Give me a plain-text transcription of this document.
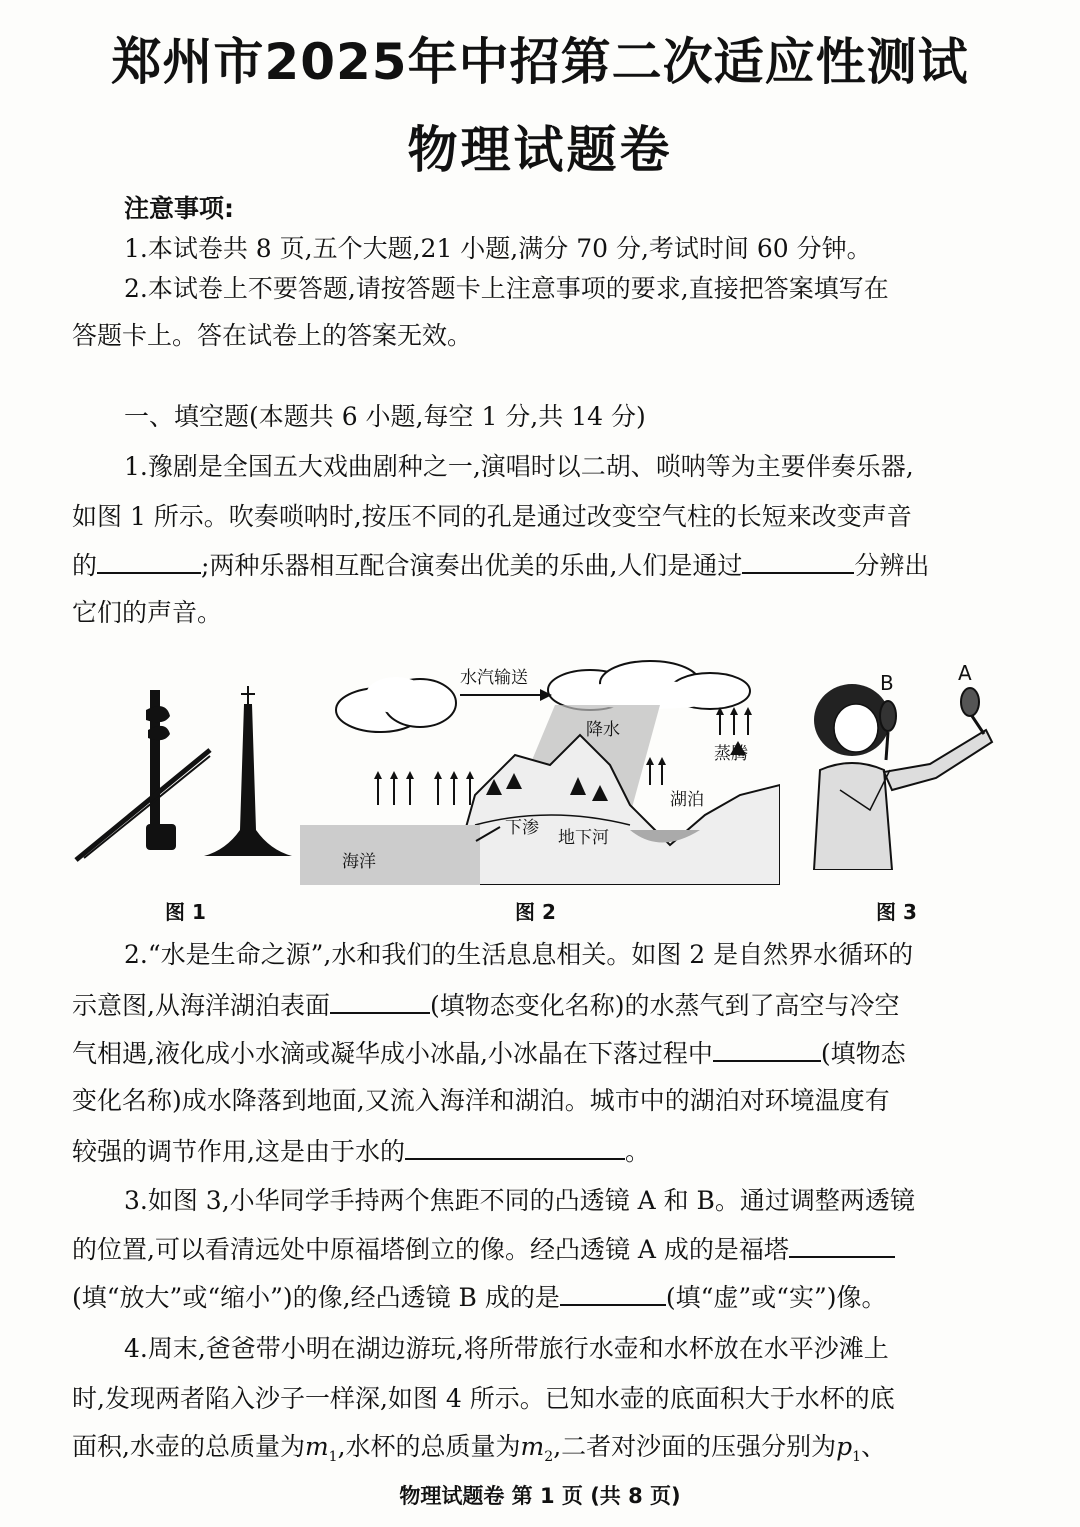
郑州市2025年中招第二次适应性测试
物理试题卷
注意事项:
1.本试卷共 8 页,五个大题,21 小题,满分 70 分,考试时间 60 分钟。
2.本试卷上不要答题,请按答题卡上注意事项的要求,直接把答案填写在
答题卡上。答在试卷上的答案无效。
一、填空题(本题共 6 小题,每空 1 分,共 14 分)
1.豫剧是全国五大戏曲剧种之一,演唱时以二胡、唢呐等为主要伴奏乐器,
如图 1 所示。吹奏唢呐时,按压不同的孔是通过改变空气柱的长短来改变声音
的	;两种乐器相互配合演奏出优美的乐曲,人们是通过	分辨出
它们的声音。
图 1
水汽输送
降水
海洋
湖泊
蒸腾
下渗 地下河
图 2
B	A
图 3
2.“水是生命之源”,水和我们的生活息息相关。如图 2 是自然界水循环的
示意图,从海洋湖泊表面	(填物态变化名称)的水蒸气到了高空与冷空
气相遇,液化成小水滴或凝华成小冰晶,小冰晶在下落过程中	(填物态
变化名称)成水降落到地面,又流入海洋和湖泊。城市中的湖泊对环境温度有
较强的调节作用,这是由于水的	。
3.如图 3,小华同学手持两个焦距不同的凸透镜 A 和 B。通过调整两透镜
的位置,可以看清远处中原福塔倒立的像。经凸透镜 A 成的是福塔
(填“放大”或“缩小”)的像,经凸透镜 B 成的是	(填“虚”或“实”)像。
4.周末,爸爸带小明在湖边游玩,将所带旅行水壶和水杯放在水平沙滩上
时,发现两者陷入沙子一样深,如图 4 所示。已知水壶的底面积大于水杯的底
面积,水壶的总质量为$m_1$,水杯的总质量为$m_2$,二者对沙面的压强分别为$p_1$、
物理试题卷 第 1 页 (共 8 页)
